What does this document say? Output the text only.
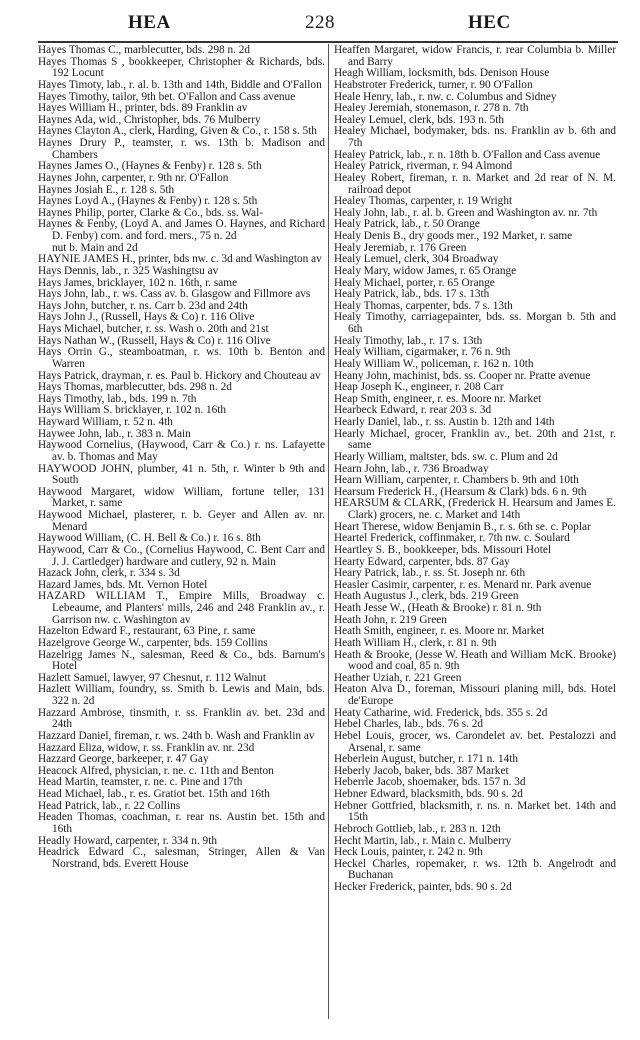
HEA	228	HEC
Hayes Thomas C., marblecutter, bds. 298 n. 2d
Hayes Thomas S , bookkeeper, Christopher & Richards, bds. 192 Locunt
Hayes Timoty, lab., r. al. b. 13th and 14th, Biddle and O'Fallon
Hayes Timothy, tailor, 9th bet. O'Fallon and Cass avenue
Hayes William H., printer, bds. 89 Franklin av
Haynes Ada, wid., Christopher, bds. 76 Mulberry
Haynes Clayton A., clerk, Harding, Given & Co., r. 158 s. 5th
Haynes Drury P., teamster, r. ws. 13th b. Madison and Chambers
Haynes James O., (Haynes & Fenby) r. 128 s. 5th
Haynes John, carpenter, r. 9th nr. O'Fallon
Haynes Josiah E., r. 128 s. 5th
Haynes Loyd A., (Haynes & Fenby) r. 128 s. 5th
Haynes Philip, porter, Clarke & Co., bds. ss. Wal-
Haynes & Fenby, (Loyd A. and James O. Haynes, and Richard D. Fenby) com. and ford. mers., 75 n. 2d
nut b. Main and 2d
HAYNIE JAMES H., printer, bds nw. c. 3d and Washington av
Hays Dennis, lab., r. 325 Washingtsu av
Hays James, bricklayer, 102 n. 16th, r. same
Hays John, lab., r. ws. Cass av. b. Glasgow and Fillmore avs
Hays John, butcher, r. ns. Carr b. 23d and 24th
Hays John J., (Russell, Hays & Co) r. 116 Olive
Hays Michael, butcher, r. ss. Wash o. 20th and 21st
Hays Nathan W., (Russell, Hays & Co) r. 116 Olive
Hays Orrin G., steamboatman, r. ws. 10th b. Benton and Warren
Hays Patrick, drayman, r. es. Paul b. Hickory and Chouteau av
Hays Thomas, marblecutter, bds. 298 n. 2d
Hays Timothy, lab., bds. 199 n. 7th
Hays William S. bricklayer, r. 102 n. 16th
Hayward William, r. 52 n. 4th
Haywee John, lab., r. 383 n. Main
Haywood Cornelius, (Haywood, Carr & Co.) r. ns. Lafayette av. b. Thomas and May
HAYWOOD JOHN, plumber, 41 n. 5th, r. Winter b 9th and South
Haywood Margaret, widow William, fortune teller, 131 Market, r. same
Haywood Michael, plasterer, r. b. Geyer and Allen av. nr. Menard
Haywood William, (C. H. Bell & Co.) r. 16 s. 8th
Haywood, Carr & Co., (Cornelius Haywood, C. Bent Carr and J. J. Cartledger) hardware and cutlery, 92 n. Main
Hazack John, clerk, r. 334 s. 3d
Hazard James, bds. Mt. Vernon Hotel
HAZARD WILLIAM T., Empire Mills, Broadway c. Lebeaume, and Planters' mills, 246 and 248 Franklin av., r. Garrison nw. c. Washington av
Hazelton Edward F., restaurant, 63 Pine, r. same
Hazelgrove George W., carpenter, bds. 159 Collins
Hazelrigg James N., salesman, Reed & Co., bds. Barnum's Hotel
Hazlett Samuel, lawyer, 97 Chesnut, r. 112 Walnut
Hazlett William, foundry, ss. Smith b. Lewis and Main, bds. 322 n. 2d
Hazzard Ambrose, tinsmith, r. ss. Franklin av. bet. 23d and 24th
Hazzard Daniel, fireman, r. ws. 24th b. Wash and Franklin av
Hazzard Eliza, widow, r. ss. Franklin av. nr. 23d
Hazzard George, barkeeper, r. 47 Gay
Heacock Alfred, physician, r. ne. c. 11th and Benton
Head Martin, teamster, r. ne. c. Pine and 17th
Head Michael, lab., r. es. Gratiot bet. 15th and 16th
Head Patrick, lab., r. 22 Collins
Headen Thomas, coachman, r. rear ns. Austin bet. 15th and 16th
Headly Howard, carpenter, r. 334 n. 9th
Headrick Edward C., salesman, Stringer, Allen & Van Norstrand, bds. Everett House
Heaffen Margaret, widow Francis, r. rear Columbia b. Miller and Barry
Heagh William, locksmith, bds. Denison House
Heabstroter Frederick, turner, r. 90 O'Fallon
Heale Henry, lab., r. nw. c. Columbus and Sidney
Healey Jeremiah, stonemason, r. 278 n. 7th
Healey Lemuel, clerk, bds. 193 n. 5th
Healey Michael, bodymaker, bds. ns. Franklin av b. 6th and 7th
Healey Patrick, lab., r. n. 18th b. O'Fallon and Cass avenue
Healey Patrick, riverman, r. 94 Almond
Healey Robert, fireman, r. n. Market and 2d rear of N. M. railroad depot
Healey Thomas, carpenter, r. 19 Wright
Healy John, lab., r. al. b. Green and Washington av. nr. 7th
Healy Patrick, lab., r. 50 Orange
Healy Denis B., dry goods mer., 192 Market, r. same
Healy Jeremiab, r. 176 Green
Healy Lemuel, clerk, 304 Broadway
Healy Mary, widow James, r. 65 Orange
Healy Michael, porter, r. 65 Orange
Healy Patrick, lab., bds. 17 s. 13th
Healy Thomas, carpenter, bds. 7 s. 13th
Healy Timothy, carriagepainter, bds. ss. Morgan b. 5th and 6th
Healy Timothy, lab., r. 17 s. 13th
Healy William, cigarmaker, r. 76 n. 9th
Healy William W., policeman, r. 162 n. 10th
Heany John, machinist, bds. ss. Cooper nr. Pratte avenue
Heap Joseph K., engineer, r. 208 Carr
Heap Smith, engineer, r. es. Moore nr. Market
Hearbeck Edward, r. rear 203 s. 3d
Hearly Daniel, lab., r. ss. Austin b. 12th and 14th
Hearly Michael, grocer, Franklin av., bet. 20th and 21st, r. same
Hearly William, maltster, bds. sw. c. Plum and 2d
Hearn John, lab., r. 736 Broadway
Hearn William, carpenter, r. Chambers b. 9th and 10th
Hearsum Frederick H., (Hearsum & Clark) bds. 6 n. 9th
HEARSUM & CLARK, (Frederick H. Hearsum and James E. Clark) grocers, ne. c. Market and 14th
Heart Therese, widow Benjamin B., r. s. 6th se. c. Poplar
Heartel Frederick, coffinmaker, r. 7th nw. c. Soulard
Heartley S. B., bookkeeper, bds. Missouri Hotel
Hearty Edward, carpenter, bds. 87 Gay
Heary Patrick, lab., r. ss. St. Joseph nr. 6th
Heasler Casimir, carpenter, r. es. Menard nr. Park avenue
Heath Augustus J., clerk, bds. 219 Green
Heath Jesse W., (Heath & Brooke) r. 81 n. 9th
Heath John, r. 219 Green
Heath Smith, engineer, r. es. Moore nr. Market
Heath William H., clerk, r. 81 n. 9th
Heath & Brooke, (Jesse W. Heath and William McK. Brooke) wood and coal, 85 n. 9th
Heather Uziah, r. 221 Green
Heaton Alva D., foreman, Missouri planing mill, bds. Hotel de'Europe
Heaty Catharine, wid. Frederick, bds. 355 s. 2d
Hebel Charles, lab., bds. 76 s. 2d
Hebel Louis, grocer, ws. Carondelet av. bet. Pestalozzi and Arsenal, r. same
Heberlein August, butcher, r. 171 n. 14th
Heberly Jacob, baker, bds. 387 Market
Heberrle Jacob, shoemaker, bds. 157 n. 3d
Hebner Edward, blacksmith, bds. 90 s. 2d
Hebner Gottfried, blacksmith, r. ns. n. Market bet. 14th and 15th
Hebroch Gottlieb, lab., r. 283 n. 12th
Hecht Martin, lab., r. Main c. Mulberry
Heck Louis, painter, r. 242 n. 9th
Heckel Charles, ropemaker, r. ws. 12th b. Angelrodt and Buchanan
Hecker Frederick, painter, bds. 90 s. 2d
